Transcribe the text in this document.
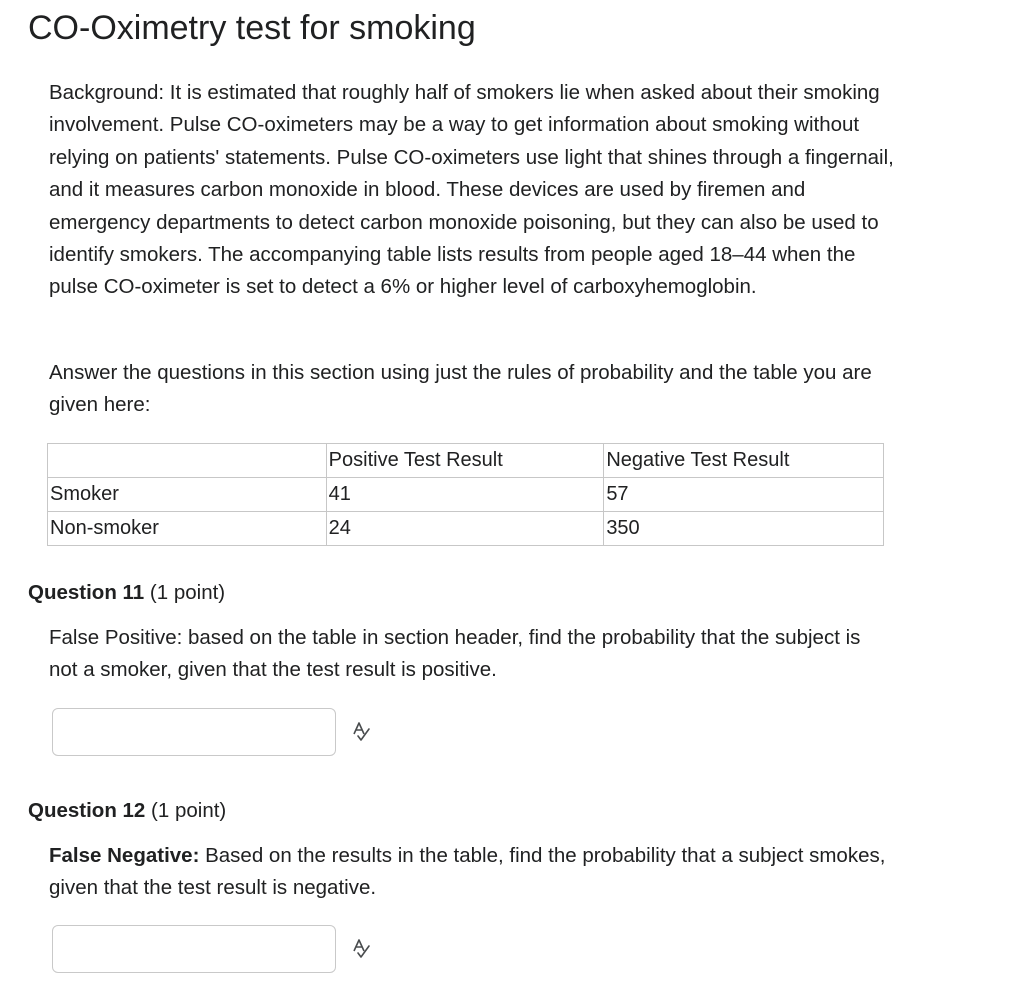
CO-Oximetry test for smoking

Background: It is estimated that roughly half of smokers lie when asked about their smoking involvement. Pulse CO-oximeters may be a way to get information about smoking without relying on patients' statements. Pulse CO-oximeters use light that shines through a fingernail, and it measures carbon monoxide in blood. These devices are used by firemen and emergency departments to detect carbon monoxide poisoning, but they can also be used to identify smokers. The accompanying table lists results from people aged 18–44 when the pulse CO-oximeter is set to detect a 6% or higher level of carboxyhemoglobin.

Answer the questions in this section using just the rules of probability and the table you are given here:

	Positive Test Result	Negative Test Result
Smoker	41	57
Non-smoker	24	350

Question 11 (1 point)

False Positive: based on the table in section header, find the probability that the subject is not a smoker, given that the test result is positive.

Question 12 (1 point)

False Negative: Based on the results in the table, find the probability that a subject smokes, given that the test result is negative.
